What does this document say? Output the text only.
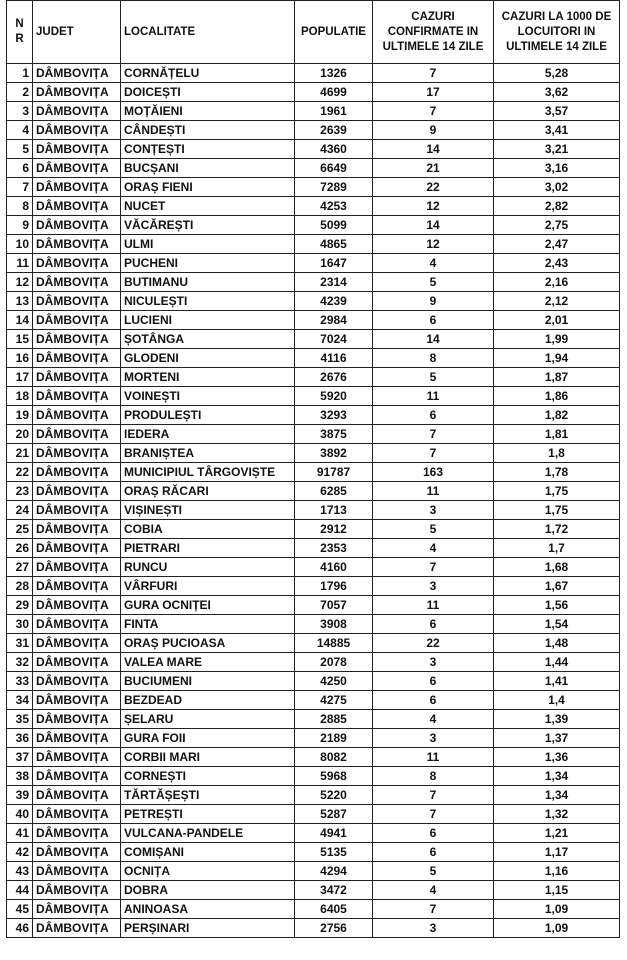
N R	JUDET	LOCALITATE	POPULATIE	CAZURI CONFIRMATE IN ULTIMELE 14 ZILE	CAZURI LA 1000 DE LOCUITORI IN ULTIMELE 14 ZILE
1	DÂMBOVIȚA	CORNĂȚELU	1326	7	5,28
2	DÂMBOVIȚA	DOICEȘTI	4699	17	3,62
3	DÂMBOVIȚA	MOȚĂIENI	1961	7	3,57
4	DÂMBOVIȚA	CÂNDEȘTI	2639	9	3,41
5	DÂMBOVIȚA	CONȚEȘTI	4360	14	3,21
6	DÂMBOVIȚA	BUCȘANI	6649	21	3,16
7	DÂMBOVIȚA	ORAȘ FIENI	7289	22	3,02
8	DÂMBOVIȚA	NUCET	4253	12	2,82
9	DÂMBOVIȚA	VĂCĂREȘTI	5099	14	2,75
10	DÂMBOVIȚA	ULMI	4865	12	2,47
11	DÂMBOVIȚA	PUCHENI	1647	4	2,43
12	DÂMBOVIȚA	BUTIMANU	2314	5	2,16
13	DÂMBOVIȚA	NICULEȘTI	4239	9	2,12
14	DÂMBOVIȚA	LUCIENI	2984	6	2,01
15	DÂMBOVIȚA	ȘOTÂNGA	7024	14	1,99
16	DÂMBOVIȚA	GLODENI	4116	8	1,94
17	DÂMBOVIȚA	MORTENI	2676	5	1,87
18	DÂMBOVIȚA	VOINEȘTI	5920	11	1,86
19	DÂMBOVIȚA	PRODULEȘTI	3293	6	1,82
20	DÂMBOVIȚA	IEDERA	3875	7	1,81
21	DÂMBOVIȚA	BRANIȘTEA	3892	7	1,8
22	DÂMBOVIȚA	MUNICIPIUL TÂRGOVIȘTE	91787	163	1,78
23	DÂMBOVIȚA	ORAȘ RĂCARI	6285	11	1,75
24	DÂMBOVIȚA	VIȘINEȘTI	1713	3	1,75
25	DÂMBOVIȚA	COBIA	2912	5	1,72
26	DÂMBOVIȚA	PIETRARI	2353	4	1,7
27	DÂMBOVIȚA	RUNCU	4160	7	1,68
28	DÂMBOVIȚA	VÂRFURI	1796	3	1,67
29	DÂMBOVIȚA	GURA OCNIȚEI	7057	11	1,56
30	DÂMBOVIȚA	FINTA	3908	6	1,54
31	DÂMBOVIȚA	ORAȘ PUCIOASA	14885	22	1,48
32	DÂMBOVIȚA	VALEA MARE	2078	3	1,44
33	DÂMBOVIȚA	BUCIUMENI	4250	6	1,41
34	DÂMBOVIȚA	BEZDEAD	4275	6	1,4
35	DÂMBOVIȚA	ȘELARU	2885	4	1,39
36	DÂMBOVIȚA	GURA FOII	2189	3	1,37
37	DÂMBOVIȚA	CORBII MARI	8082	11	1,36
38	DÂMBOVIȚA	CORNEȘTI	5968	8	1,34
39	DÂMBOVIȚA	TĂRTĂȘEȘTI	5220	7	1,34
40	DÂMBOVIȚA	PETREȘTI	5287	7	1,32
41	DÂMBOVIȚA	VULCANA-PANDELE	4941	6	1,21
42	DÂMBOVIȚA	COMIȘANI	5135	6	1,17
43	DÂMBOVIȚA	OCNIȚA	4294	5	1,16
44	DÂMBOVIȚA	DOBRA	3472	4	1,15
45	DÂMBOVIȚA	ANINOASA	6405	7	1,09
46	DÂMBOVIȚA	PERȘINARI	2756	3	1,09
